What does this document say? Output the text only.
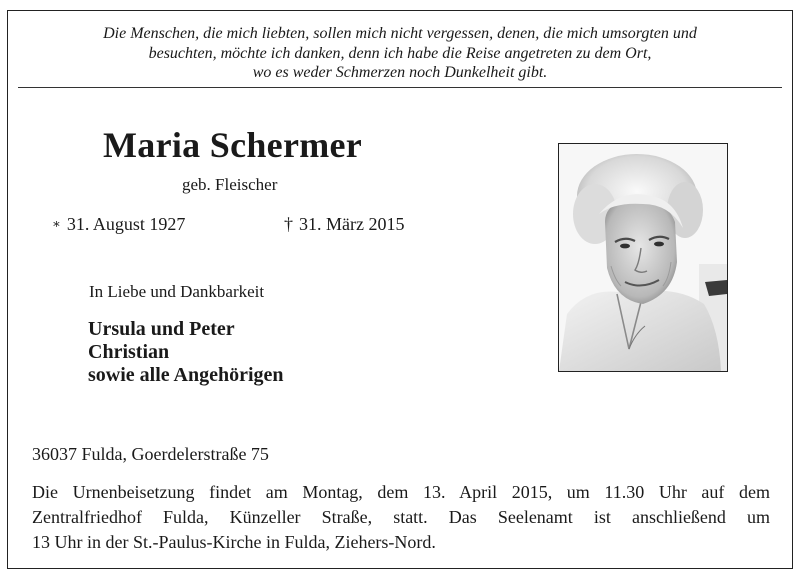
Die Menschen, die mich liebten, sollen mich nicht vergessen, denen, die mich umsorgten und
besuchten, möchte ich danken, denn ich habe die Reise angetreten zu dem Ort,
wo es weder Schmerzen noch Dunkelheit gibt.
Maria Schermer
geb. Fleischer
∗ 31. August 1927	† 31. März 2015
In Liebe und Dankbarkeit
Ursula und Peter
Christian
sowie alle Angehörigen
36037 Fulda, Goerdelerstraße 75
Die Urnenbeisetzung findet am Montag, dem 13. April 2015, um 11.30 Uhr auf dem
Zentralfriedhof Fulda, Künzeller Straße, statt. Das Seelenamt ist anschließend um
13 Uhr in der St.-Paulus-Kirche in Fulda, Ziehers-Nord.
